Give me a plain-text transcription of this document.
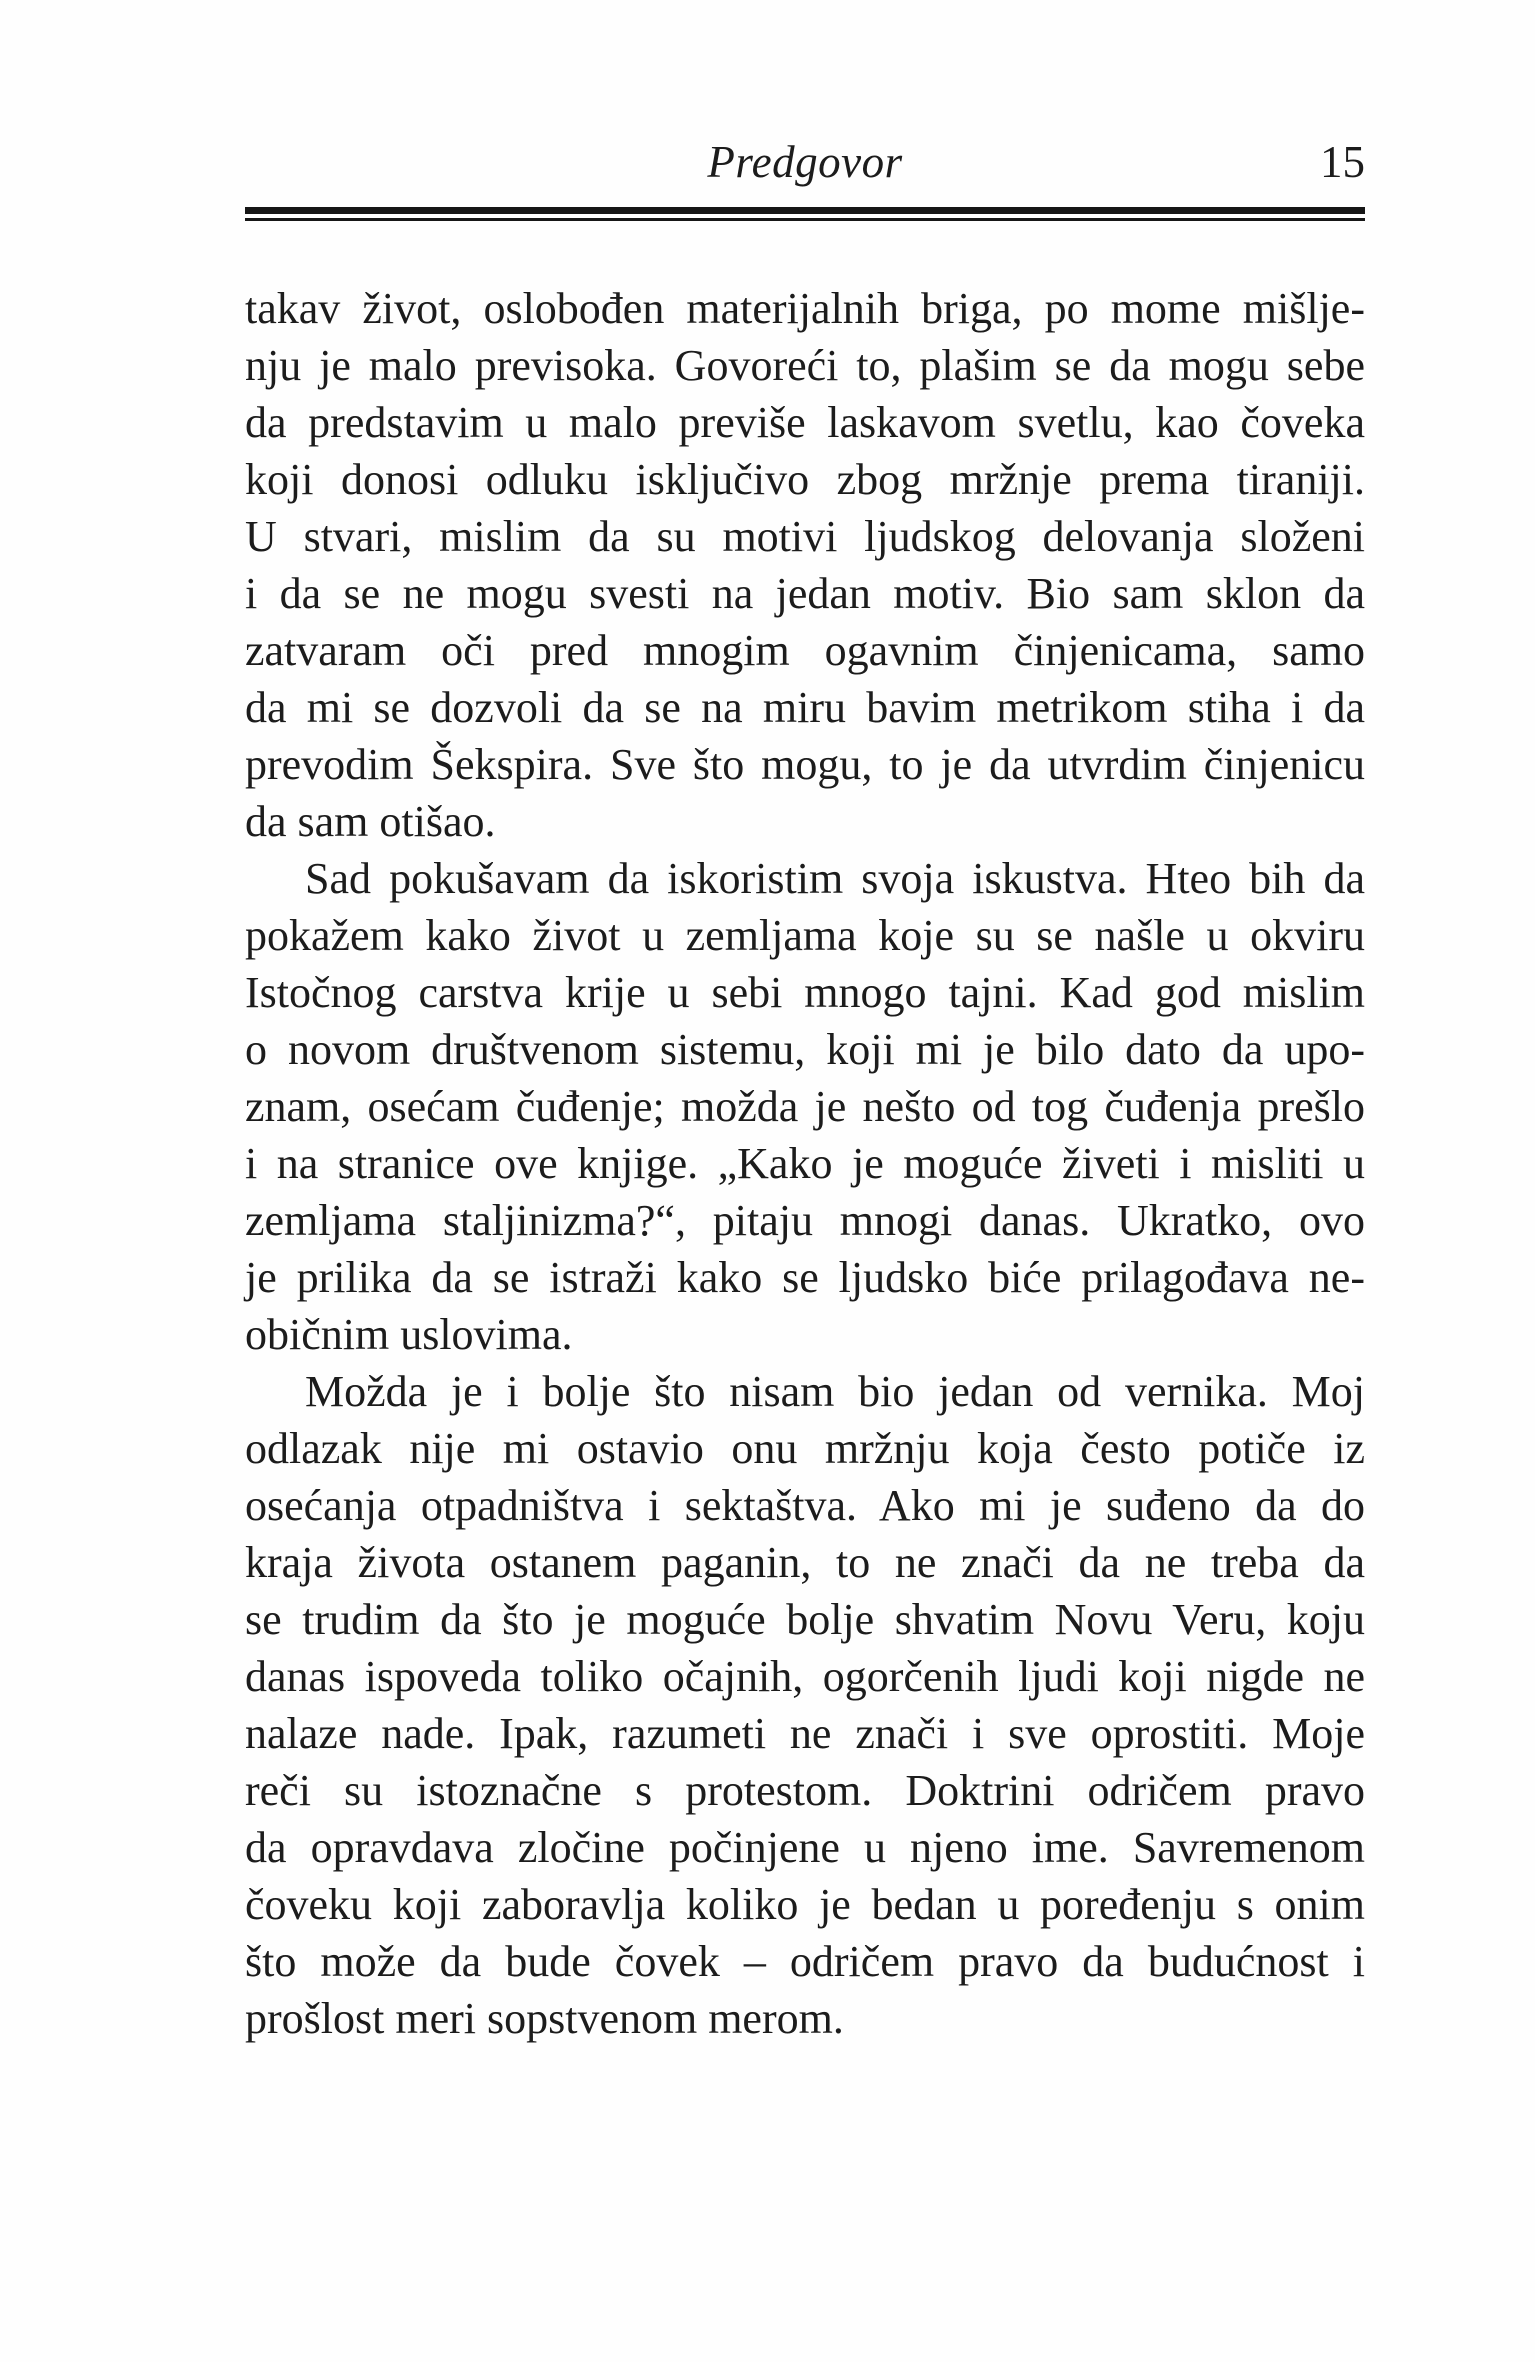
Predgovor	15
takav život, oslobođen materijalnih briga, po mome mišlje-
nju je malo previsoka. Govoreći to, plašim se da mogu sebe
da predstavim u malo previše laskavom svetlu, kao čoveka
koji donosi odluku isključivo zbog mržnje prema tiraniji.
U stvari, mislim da su motivi ljudskog delovanja složeni
i da se ne mogu svesti na jedan motiv. Bio sam sklon da
zatvaram oči pred mnogim ogavnim činjenicama, samo
da mi se dozvoli da se na miru bavim metrikom stiha i da
prevodim Šekspira. Sve što mogu, to je da utvrdim činjenicu
da sam otišao.
Sad pokušavam da iskoristim svoja iskustva. Hteo bih da
pokažem kako život u zemljama koje su se našle u okviru
Istočnog carstva krije u sebi mnogo tajni. Kad god mislim
o novom društvenom sistemu, koji mi je bilo dato da upo-
znam, osećam čuđenje; možda je nešto od tog čuđenja prešlo
i na stranice ove knjige. „Kako je moguće živeti i misliti u
zemljama staljinizma?“, pitaju mnogi danas. Ukratko, ovo
je prilika da se istraži kako se ljudsko biće prilagođava ne-
običnim uslovima.
Možda je i bolje što nisam bio jedan od vernika. Moj
odlazak nije mi ostavio onu mržnju koja često potiče iz
osećanja otpadništva i sektaštva. Ako mi je suđeno da do
kraja života ostanem paganin, to ne znači da ne treba da
se trudim da što je moguće bolje shvatim Novu Veru, koju
danas ispoveda toliko očajnih, ogorčenih ljudi koji nigde ne
nalaze nade. Ipak, razumeti ne znači i sve oprostiti. Moje
reči su istoznačne s protestom. Doktrini odričem pravo
da opravdava zločine počinjene u njeno ime. Savremenom
čoveku koji zaboravlja koliko je bedan u poređenju s onim
što može da bude čovek – odričem pravo da budućnost i
prošlost meri sopstvenom merom.
